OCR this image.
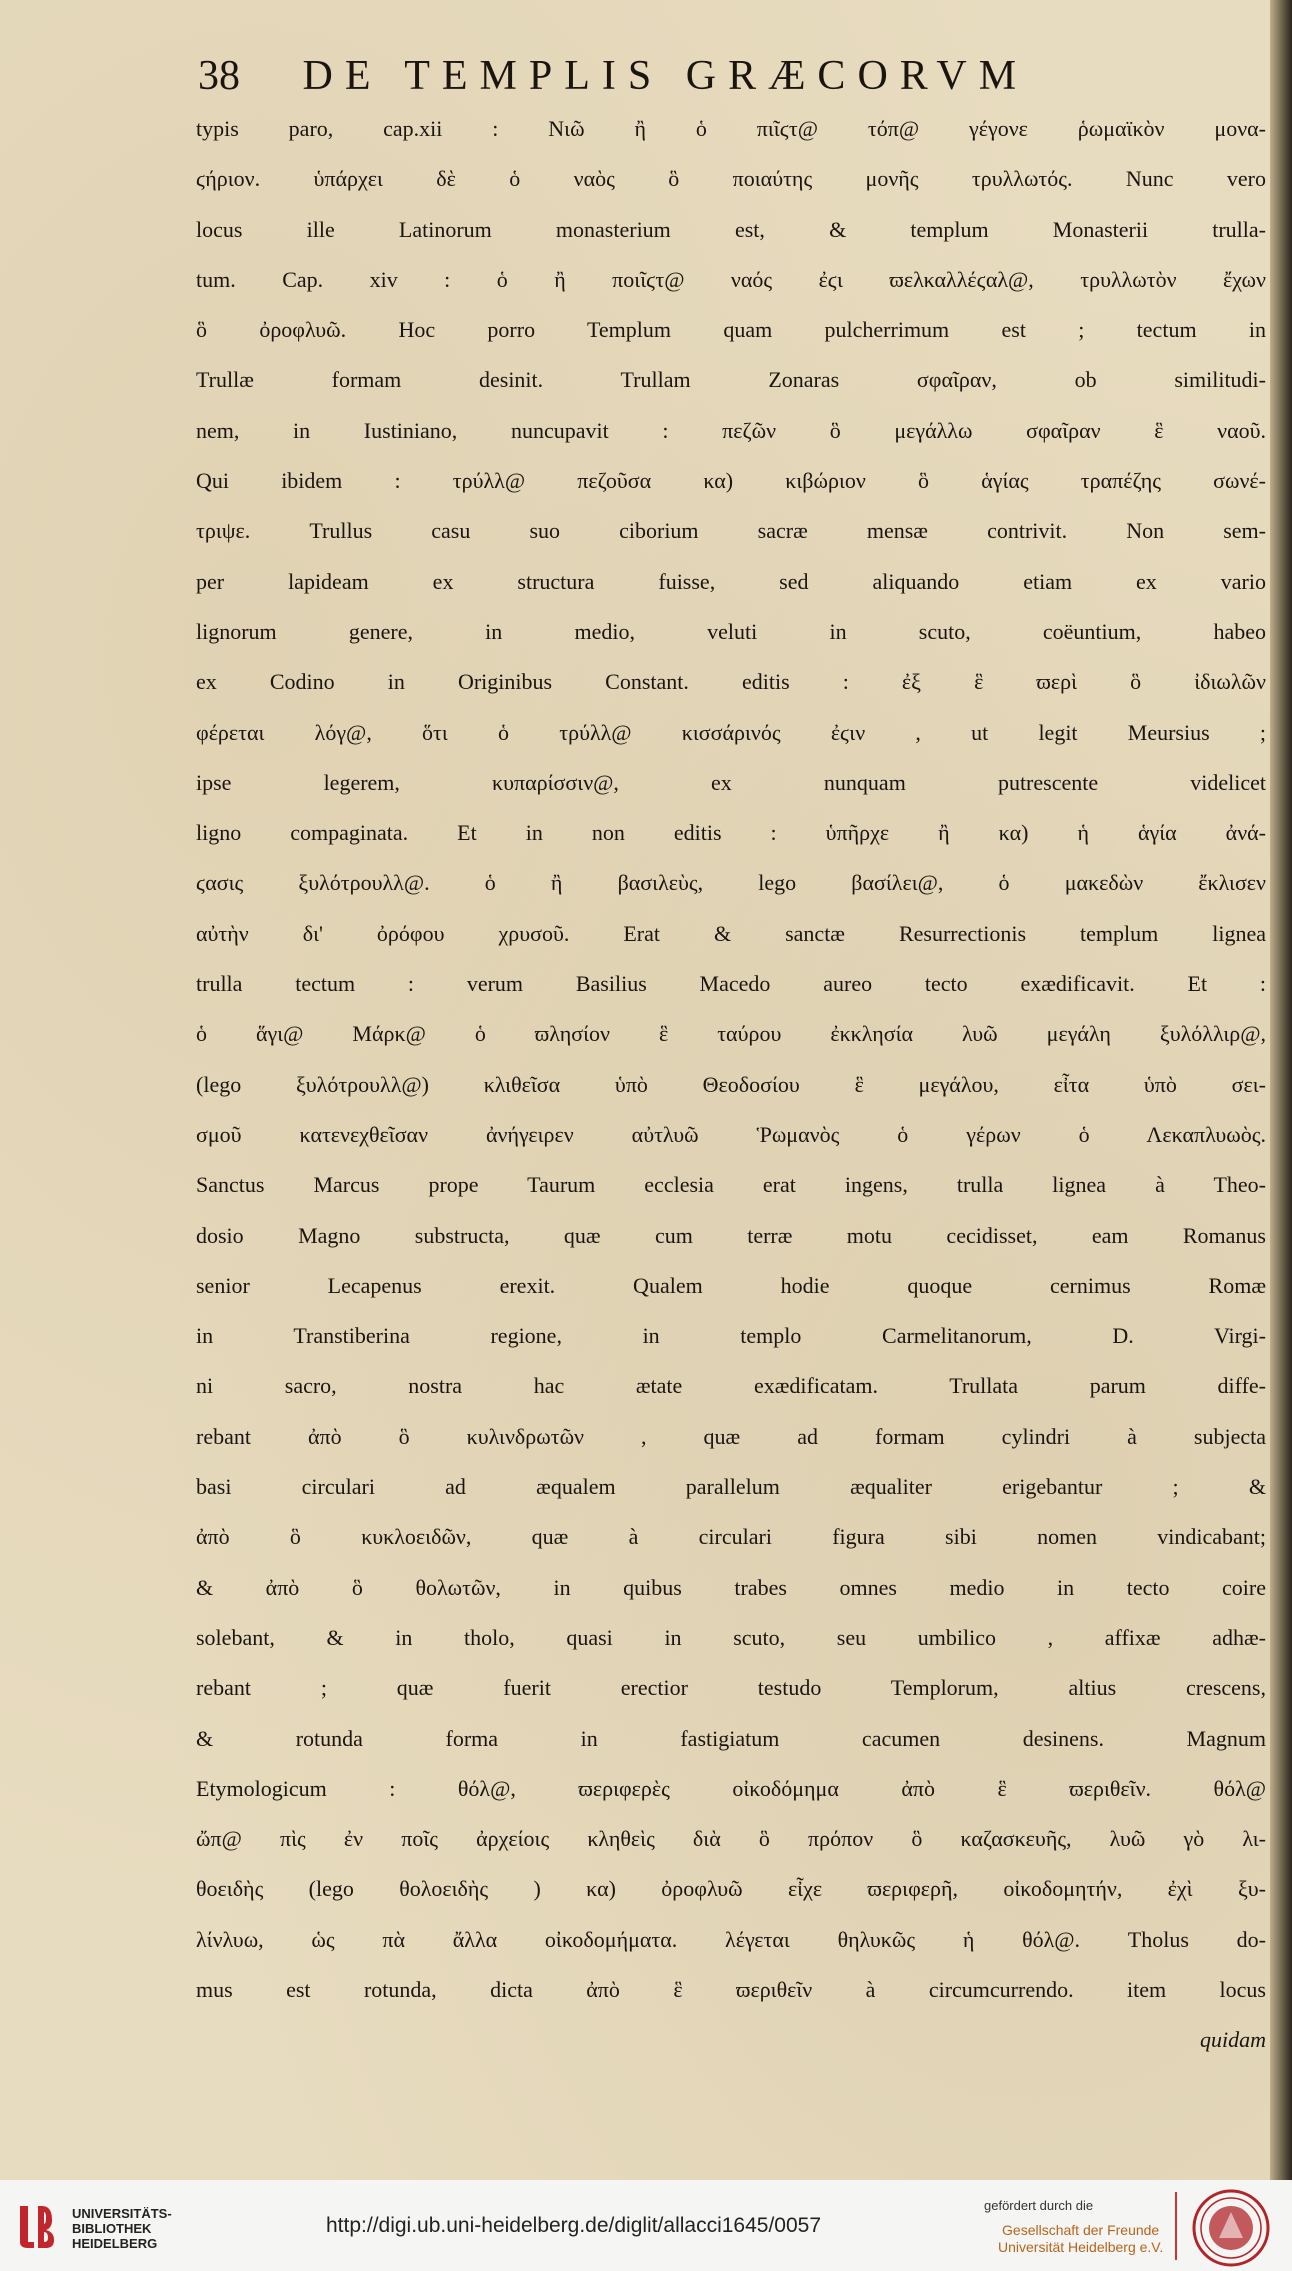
38 DE TEMPLIS GRÆCORVM
typis paro, cap.xii : Νιῶ ἢ ὁ πιῖϛτ@ τόπ@ γέγονε ῥωμαϊκὸν μονα-
ϛήριον. ὑπάρχει δὲ ὁ ναὸς ὃ ποιαύτης μονῆς τρυλλωτός. Nunc vero
locus ille Latinorum monasterium est, & templum Monasterii trulla-
tum. Cap. xiv : ὁ ἢ ποιῖϛτ@ ναός ἐϛι ϖελκαλλέϛαλ@, τρυλλωτὸν ἔχων
ὃ ὀροφλυῶ. Hoc porro Templum quam pulcherrimum est ; tectum in
Trullæ formam desinit. Trullam Zonaras σφαῖραν, ob similitudi-
nem, in Iustiniano, nuncupavit : πεζῶν ὃ μεγάλλω σφαῖραν ἓ ναοῦ.
Qui ibidem : τρύλλ@ πεζοῦσα κα) κιβώριον ὃ ἁγίας τραπέζης σωνέ-
τριψε. Trullus casu suo ciborium sacræ mensæ contrivit. Non sem-
per lapideam ex structura fuisse, sed aliquando etiam ex vario
lignorum genere, in medio, veluti in scuto, coëuntium, habeo
ex Codino in Originibus Constant. editis : ἐξ ἓ ϖερὶ ὃ ἰδιωλῶν
φέρεται λόγ@, ὅτι ὁ τρύλλ@ κισσάρινός ἐϛιν , ut legit Meursius ;
ipse legerem, κυπαρίσσιν@, ex nunquam putrescente videlicet
ligno compaginata. Et in non editis : ὑπῆρχε ἢ κα) ἡ ἁγία ἀνά-
ϛασις ξυλότρουλλ@. ὁ ἢ βασιλεὺς, lego βασίλει@, ὁ μακεδὼν ἔκλισεν
αὐτὴν δι' ὀρόφου χρυσοῦ. Erat & sanctæ Resurrectionis templum lignea
trulla tectum : verum Basilius Macedo aureo tecto exædificavit. Et :
ὁ ἅγι@ Μάρκ@ ὁ ϖλησίον ἓ ταύρου ἐκκλησία λυῶ μεγάλη ξυλόλλιρ@,
(lego ξυλότρουλλ@) κλιθεῖσα ὑπὸ Θεοδοσίου ἓ μεγάλου, εἶτα ὑπὸ σει-
σμοῦ κατενεχθεῖσαν ἀνήγειρεν αὐτλυῶ Ῥωμανὸς ὁ γέρων ὁ Λεκαπλυωὸς.
Sanctus Marcus prope Taurum ecclesia erat ingens, trulla lignea à Theo-
dosio Magno substructa, quæ cum terræ motu cecidisset, eam Romanus
senior Lecapenus erexit. Qualem hodie quoque cernimus Romæ
in Transtiberina regione, in templo Carmelitanorum, D. Virgi-
ni sacro, nostra hac ætate exædificatam. Trullata parum diffe-
rebant ἀπὸ ὃ κυλινδρωτῶν , quæ ad formam cylindri à subjecta
basi circulari ad æqualem parallelum æqualiter erigebantur ; &
ἀπὸ ὃ κυκλοειδῶν, quæ à circulari figura sibi nomen vindicabant;
& ἀπὸ ὃ θολωτῶν, in quibus trabes omnes medio in tecto coire
solebant, & in tholo, quasi in scuto, seu umbilico , affixæ adhæ-
rebant ; quæ fuerit erectior testudo Templorum, altius crescens,
& rotunda forma in fastigiatum cacumen desinens. Magnum
Etymologicum : θόλ@, ϖεριφερὲς οἰκοδόμημα ἀπὸ ἓ ϖεριθεῖν. θόλ@
ὤπ@ πὶς ἐν ποῖς ἀρχείοις κληθεὶς διὰ ὃ πρόπον ὃ καζασκευῆς, λυῶ γὸ λι-
θοειδὴς (lego θολοειδὴς ) κα) ὀροφλυῶ εἶχε ϖεριφερῆ, οἰκοδομητήν, ἐχὶ ξυ-
λίνλυω, ὡς πὰ ἄλλα οἰκοδομήματα. λέγεται θηλυκῶς ἡ θόλ@. Tholus do-
mus est rotunda, dicta ἀπὸ ἓ ϖεριθεῖν à circumcurrendo. item locus
quidam
UNIVERSITÄTS-
BIBLIOTHEK
HEIDELBERG
http://digi.ub.uni-heidelberg.de/diglit/allacci1645/0057
gefördert durch die
Gesellschaft der Freunde
Universität Heidelberg e.V.
